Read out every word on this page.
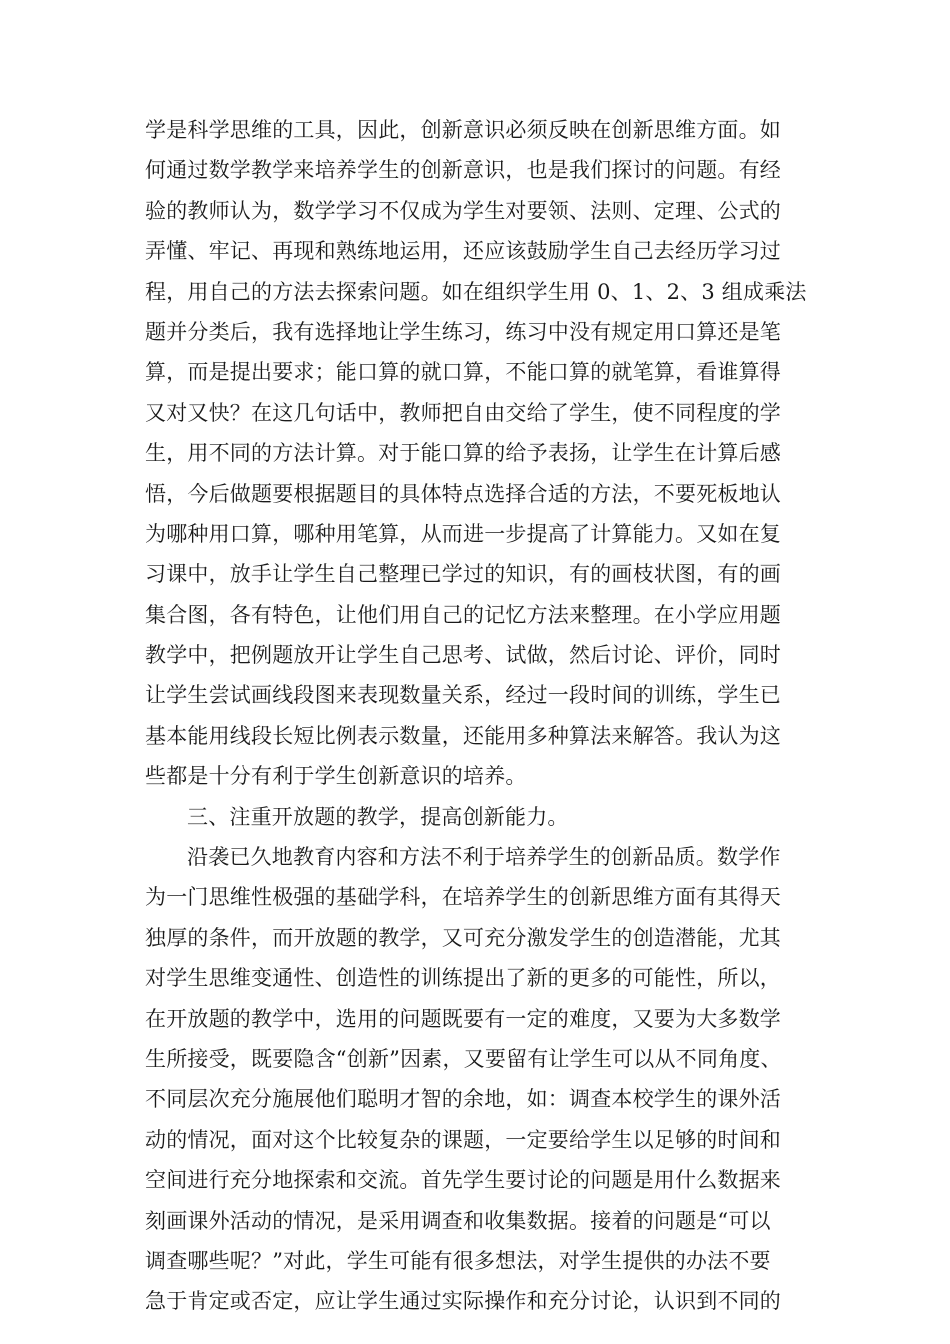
学是科学思维的工具，因此，创新意识必须反映在创新思维方面。如
何通过数学教学来培养学生的创新意识，也是我们探讨的问题。有经
验的教师认为，数学学习不仅成为学生对要领、法则、定理、公式的
弄懂、牢记、再现和熟练地运用，还应该鼓励学生自己去经历学习过
程，用自己的方法去探索问题。如在组织学生用 0、1、2、3 组成乘法
题并分类后，我有选择地让学生练习，练习中没有规定用口算还是笔
算，而是提出要求；能口算的就口算，不能口算的就笔算，看谁算得
又对又快？在这几句话中，教师把自由交给了学生，使不同程度的学
生，用不同的方法计算。对于能口算的给予表扬，让学生在计算后感
悟，今后做题要根据题目的具体特点选择合适的方法，不要死板地认
为哪种用口算，哪种用笔算，从而进一步提高了计算能力。又如在复
习课中，放手让学生自己整理已学过的知识，有的画枝状图，有的画
集合图，各有特色，让他们用自己的记忆方法来整理。在小学应用题
教学中，把例题放开让学生自己思考、试做，然后讨论、评价，同时
让学生尝试画线段图来表现数量关系，经过一段时间的训练，学生已
基本能用线段长短比例表示数量，还能用多种算法来解答。我认为这
些都是十分有利于学生创新意识的培养。
三、注重开放题的教学，提高创新能力。
沿袭已久地教育内容和方法不利于培养学生的创新品质。数学作
为一门思维性极强的基础学科，在培养学生的创新思维方面有其得天
独厚的条件，而开放题的教学，又可充分激发学生的创造潜能，尤其
对学生思维变通性、创造性的训练提出了新的更多的可能性，所以，
在开放题的教学中，选用的问题既要有一定的难度，又要为大多数学
生所接受，既要隐含“创新”因素，又要留有让学生可以从不同角度、
不同层次充分施展他们聪明才智的余地，如：调查本校学生的课外活
动的情况，面对这个比较复杂的课题，一定要给学生以足够的时间和
空间进行充分地探索和交流。首先学生要讨论的问题是用什么数据来
刻画课外活动的情况，是采用调查和收集数据。接着的问题是“可以
调查哪些呢？”对此，学生可能有很多想法，对学生提供的办法不要
急于肯定或否定，应让学生通过实际操作和充分讨论，认识到不同的
